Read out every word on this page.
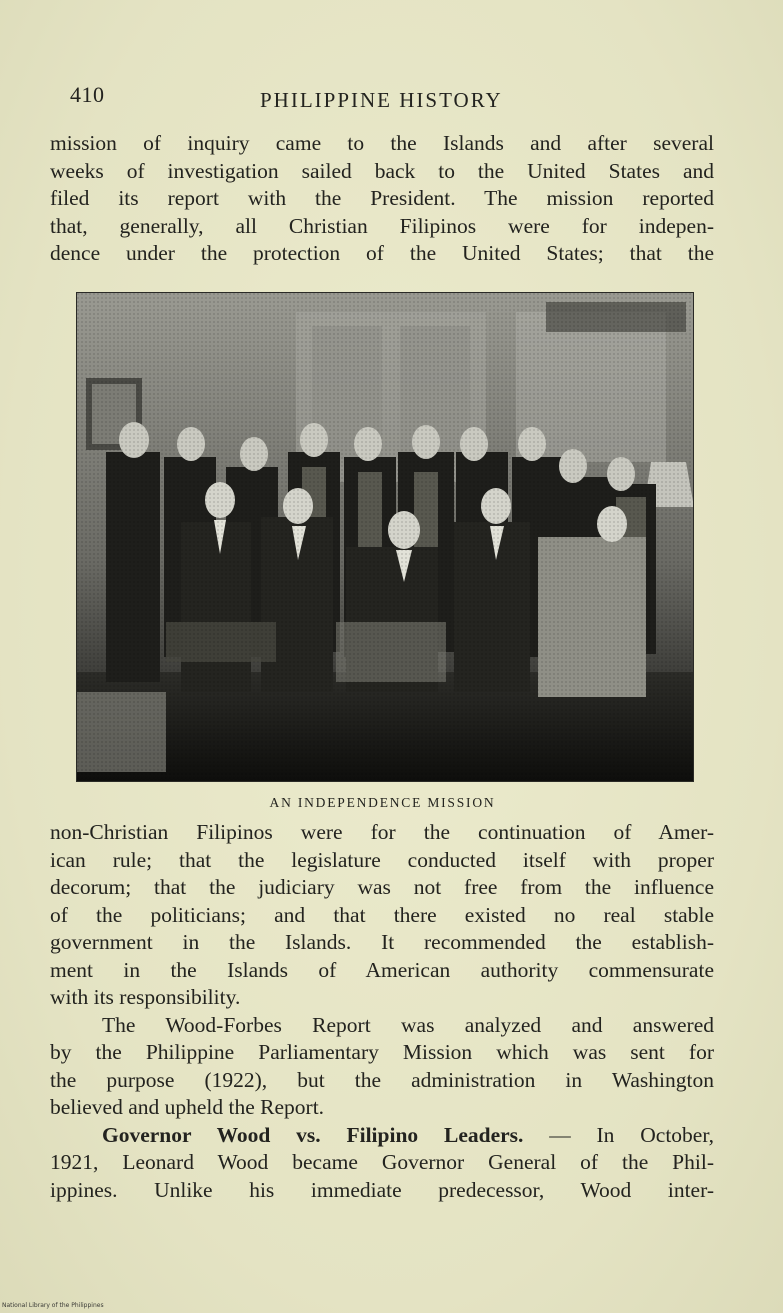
410	PHILIPPINE HISTORY
mission of inquiry came to the Islands and after several
weeks of investigation sailed back to the United States and
filed its report with the President. The mission reported
that, generally, all Christian Filipinos were for indepen-
dence under the protection of the United States; that the
AN INDEPENDENCE MISSION
non-Christian Filipinos were for the continuation of Amer-
ican rule; that the legislature conducted itself with proper
decorum; that the judiciary was not free from the influence
of the politicians; and that there existed no real stable
government in the Islands. It recommended the establish-
ment in the Islands of American authority commensurate
with its responsibility.
The Wood-Forbes Report was analyzed and answered
by the Philippine Parliamentary Mission which was sent for
the purpose (1922), but the administration in Washington
believed and upheld the Report.
Governor Wood vs. Filipino Leaders. — In October,
1921, Leonard Wood became Governor General of the Phil-
ippines. Unlike his immediate predecessor, Wood inter-
National Library of the Philippines
